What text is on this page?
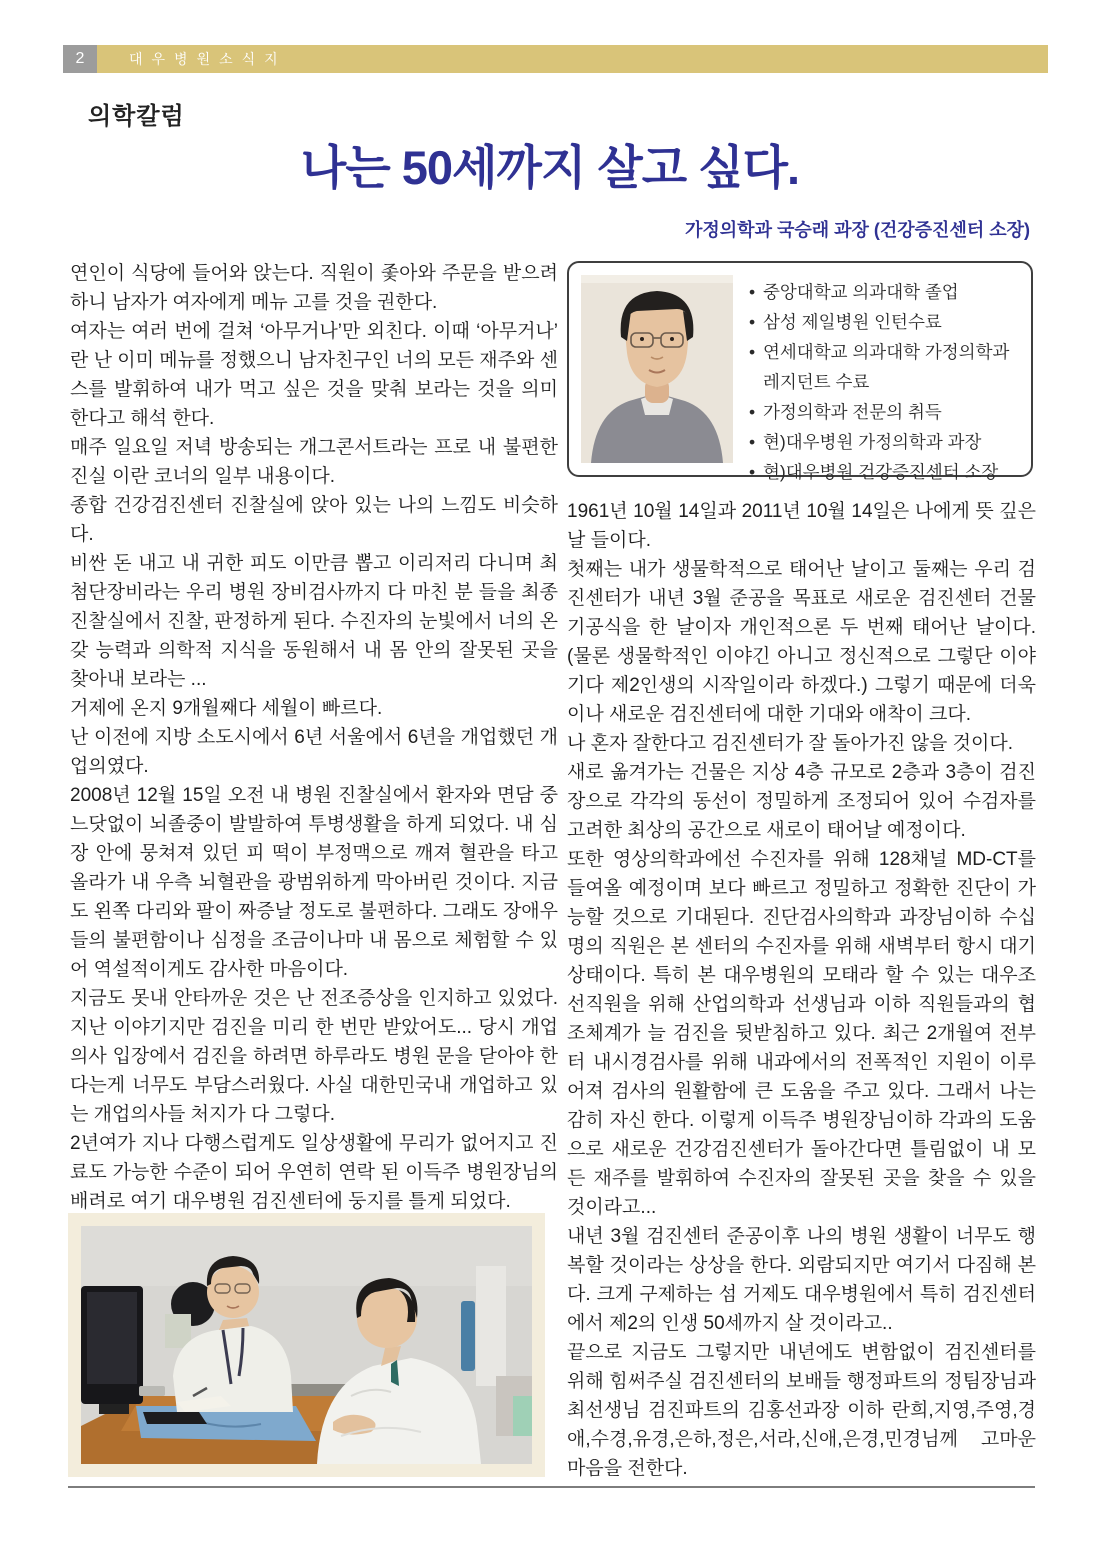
2	대우병원소식지
의학칼럼
나는 50세까지 살고 싶다.
가정의학과 국승래 과장 (건강증진센터 소장)
• 중앙대학교 의과대학 졸업
• 삼성 제일병원 인턴수료
• 연세대학교 의과대학 가정의학과 레지던트 수료
• 가정의학과 전문의 취득
• 현)대우병원 가정의학과 과장
• 현)대우병원 건강증진센터 소장

연인이 식당에 들어와 앉는다. 직원이 좇아와 주문을 받으려하니 남자가 여자에게 메뉴 고를 것을 권한다.

여자는 여러 번에 걸쳐 ‘아무거나’만 외친다. 이때 ‘아무거나’ 란 난 이미 메뉴를 정했으니 남자친구인 너의 모든 재주와 센스를 발휘하여 내가 먹고 싶은 것을 맞춰 보라는 것을 의미 한다고 해석 한다.

매주 일요일 저녁 방송되는 개그콘서트라는 프로 내 불편한 진실 이란 코너의 일부 내용이다.

종합 건강검진센터 진찰실에 앉아 있는 나의 느낌도 비슷하다.

비싼 돈 내고 내 귀한 피도 이만큼 뽑고 이리저리 다니며 최첨단장비라는 우리 병원 장비검사까지 다 마친 분 들을 최종 진찰실에서 진찰, 판정하게 된다. 수진자의 눈빛에서 너의 온갖 능력과 의학적 지식을 동원해서 내 몸 안의 잘못된 곳을 찾아내 보라는 ...

거제에 온지 9개월째다 세월이 빠르다.

난 이전에 지방 소도시에서 6년 서울에서 6년을 개업했던 개업의였다.

2008년 12월 15일 오전 내 병원 진찰실에서 환자와 면담 중 느닷없이 뇌졸중이 발발하여 투병생활을 하게 되었다. 내 심장 안에 뭉쳐져 있던 피 떡이 부정맥으로 깨져 혈관을 타고 올라가 내 우측 뇌혈관을 광범위하게 막아버린 것이다. 지금도 왼쪽 다리와 팔이 짜증날 정도로 불편하다. 그래도 장애우들의 불편함이나 심정을 조금이나마 내 몸으로 체험할 수 있어 역설적이게도 감사한 마음이다.

지금도 못내 안타까운 것은 난 전조증상을 인지하고 있었다. 지난 이야기지만 검진을 미리 한 번만 받았어도... 당시 개업의사 입장에서 검진을 하려면 하루라도 병원 문을 닫아야 한다는게 너무도 부담스러웠다. 사실 대한민국내 개업하고 있는 개업의사들 처지가 다 그렇다.

2년여가 지나 다행스럽게도 일상생활에 무리가 없어지고 진료도 가능한 수준이 되어 우연히 연락 된 이득주 병원장님의 배려로 여기 대우병원 검진센터에 둥지를 틀게 되었다.

1961년 10월 14일과 2011년 10월 14일은 나에게 뜻 깊은 날 들이다.

첫째는 내가 생물학적으로 태어난 날이고 둘째는 우리 검진센터가 내년 3월 준공을 목표로 새로운 검진센터 건물 기공식을 한 날이자 개인적으론 두 번째 태어난 날이다.(물론 생물학적인 이야긴 아니고 정신적으로 그렇단 이야기다 제2인생의 시작일이라 하겠다.) 그렇기 때문에 더욱이나 새로운 검진센터에 대한 기대와 애착이 크다.

나 혼자 잘한다고 검진센터가 잘 돌아가진 않을 것이다.

새로 옮겨가는 건물은 지상 4층 규모로 2층과 3층이 검진장으로 각각의 동선이 정밀하게 조정되어 있어 수검자를 고려한 최상의 공간으로 새로이 태어날 예정이다.

또한 영상의학과에선 수진자를 위해 128채널 MD-CT를 들여올 예정이며 보다 빠르고 정밀하고 정확한 진단이 가능할 것으로 기대된다. 진단검사의학과 과장님이하 수십명의 직원은 본 센터의 수진자를 위해 새벽부터 항시 대기상태이다. 특히 본 대우병원의 모태라 할 수 있는 대우조선직원을 위해 산업의학과 선생님과 이하 직원들과의 협조체계가 늘 검진을 뒷받침하고 있다. 최근 2개월여 전부터 내시경검사를 위해 내과에서의 전폭적인 지원이 이루어져 검사의 원활함에 큰 도움을 주고 있다. 그래서 나는 감히 자신 한다. 이렇게 이득주 병원장님이하 각과의 도움으로 새로운 건강검진센터가 돌아간다면 틀림없이 내 모든 재주를 발휘하여 수진자의 잘못된 곳을 찾을 수 있을 것이라고...

내년 3월 검진센터 준공이후 나의 병원 생활이 너무도 행복할 것이라는 상상을 한다. 외람되지만 여기서 다짐해 본다. 크게 구제하는 섬 거제도 대우병원에서 특히 검진센터에서 제2의 인생 50세까지 살 것이라고..

끝으로 지금도 그렇지만 내년에도 변함없이 검진센터를 위해 힘써주실 검진센터의 보배들 행정파트의 정팀장님과 최선생님 검진파트의 김홍선과장 이하 란희,지영,주영,경애,수경,유경,은하,정은,서라,신애,은경,민경님께 고마운 마음을 전한다.
